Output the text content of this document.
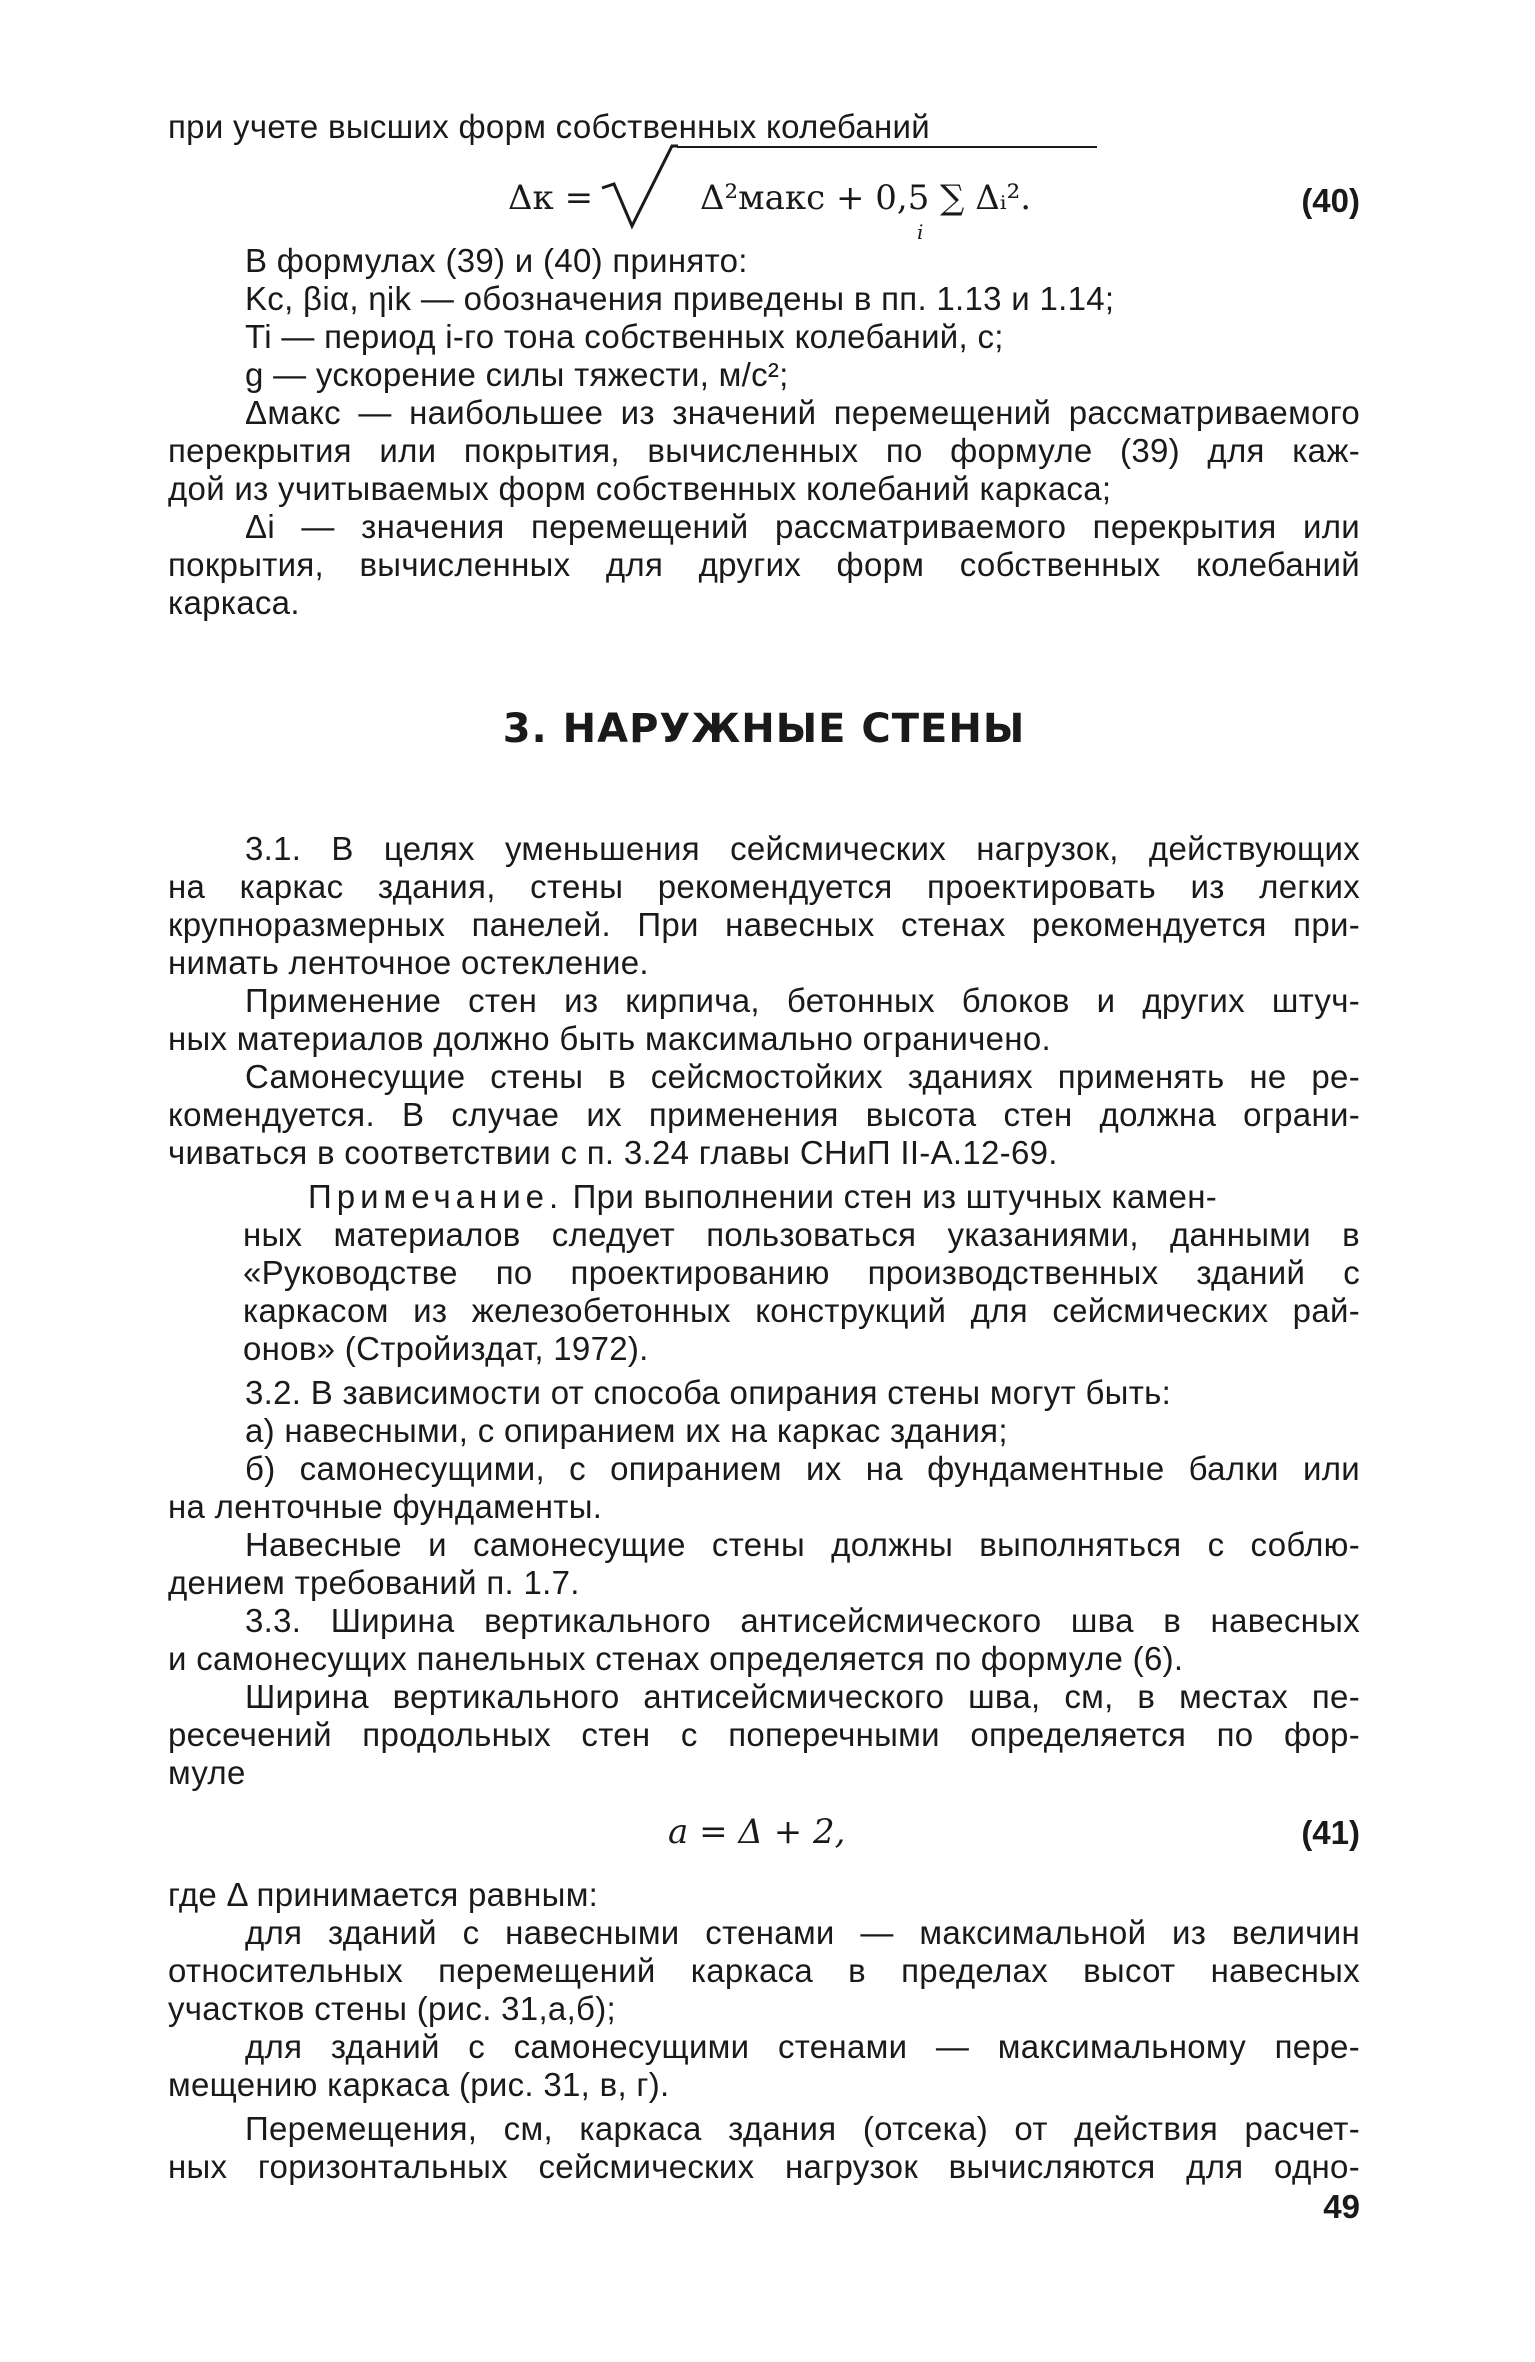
при учете высших форм собственных колебаний
Δк =	Δ²макс + 0,5 ∑ Δᵢ².
i
(40)
В формулах (39) и (40) принято:
Kc, βiα, ηik — обозначения приведены в пп. 1.13 и 1.14;
Ti — период i-го тона собственных колебаний, с;
g — ускорение силы тяжести, м/с²;
Δмакс — наибольшее из значений перемещений рассматриваемого
перекрытия или покрытия, вычисленных по формуле (39) для каж-
дой из учитываемых форм собственных колебаний каркаса;
Δi — значения перемещений рассматриваемого перекрытия или
покрытия, вычисленных для других форм собственных колебаний
каркаса.
3. НАРУЖНЫЕ СТЕНЫ
3.1. В целях уменьшения сейсмических нагрузок, действующих
на каркас здания, стены рекомендуется проектировать из легких
крупноразмерных панелей. При навесных стенах рекомендуется при-
нимать ленточное остекление.
Применение стен из кирпича, бетонных блоков и других штуч-
ных материалов должно быть максимально ограничено.
Самонесущие стены в сейсмостойких зданиях применять не ре-
комендуется. В случае их применения высота стен должна ограни-
чиваться в соответствии с п. 3.24 главы СНиП II-А.12-69.
Примечание. При выполнении стен из штучных камен-
ных материалов следует пользоваться указаниями, данными в
«Руководстве по проектированию производственных зданий с
каркасом из железобетонных конструкций для сейсмических рай-
онов» (Стройиздат, 1972).
3.2. В зависимости от способа опирания стены могут быть:
а) навесными, с опиранием их на каркас здания;
б) самонесущими, с опиранием их на фундаментные балки или
на ленточные фундаменты.
Навесные и самонесущие стены должны выполняться с соблю-
дением требований п. 1.7.
3.3. Ширина вертикального антисейсмического шва в навесных
и самонесущих панельных стенах определяется по формуле (6).
Ширина вертикального антисейсмического шва, см, в местах пе-
ресечений продольных стен с поперечными определяется по фор-
муле
a = Δ + 2,	(41)
где Δ принимается равным:
для зданий с навесными стенами — максимальной из величин
относительных перемещений каркаса в пределах высот навесных
участков стены (рис. 31,а,б);
для зданий с самонесущими стенами — максимальному пере-
мещению каркаса (рис. 31, в, г).
Перемещения, см, каркаса здания (отсека) от действия расчет-
ных горизонтальных сейсмических нагрузок вычисляются для одно-
49
